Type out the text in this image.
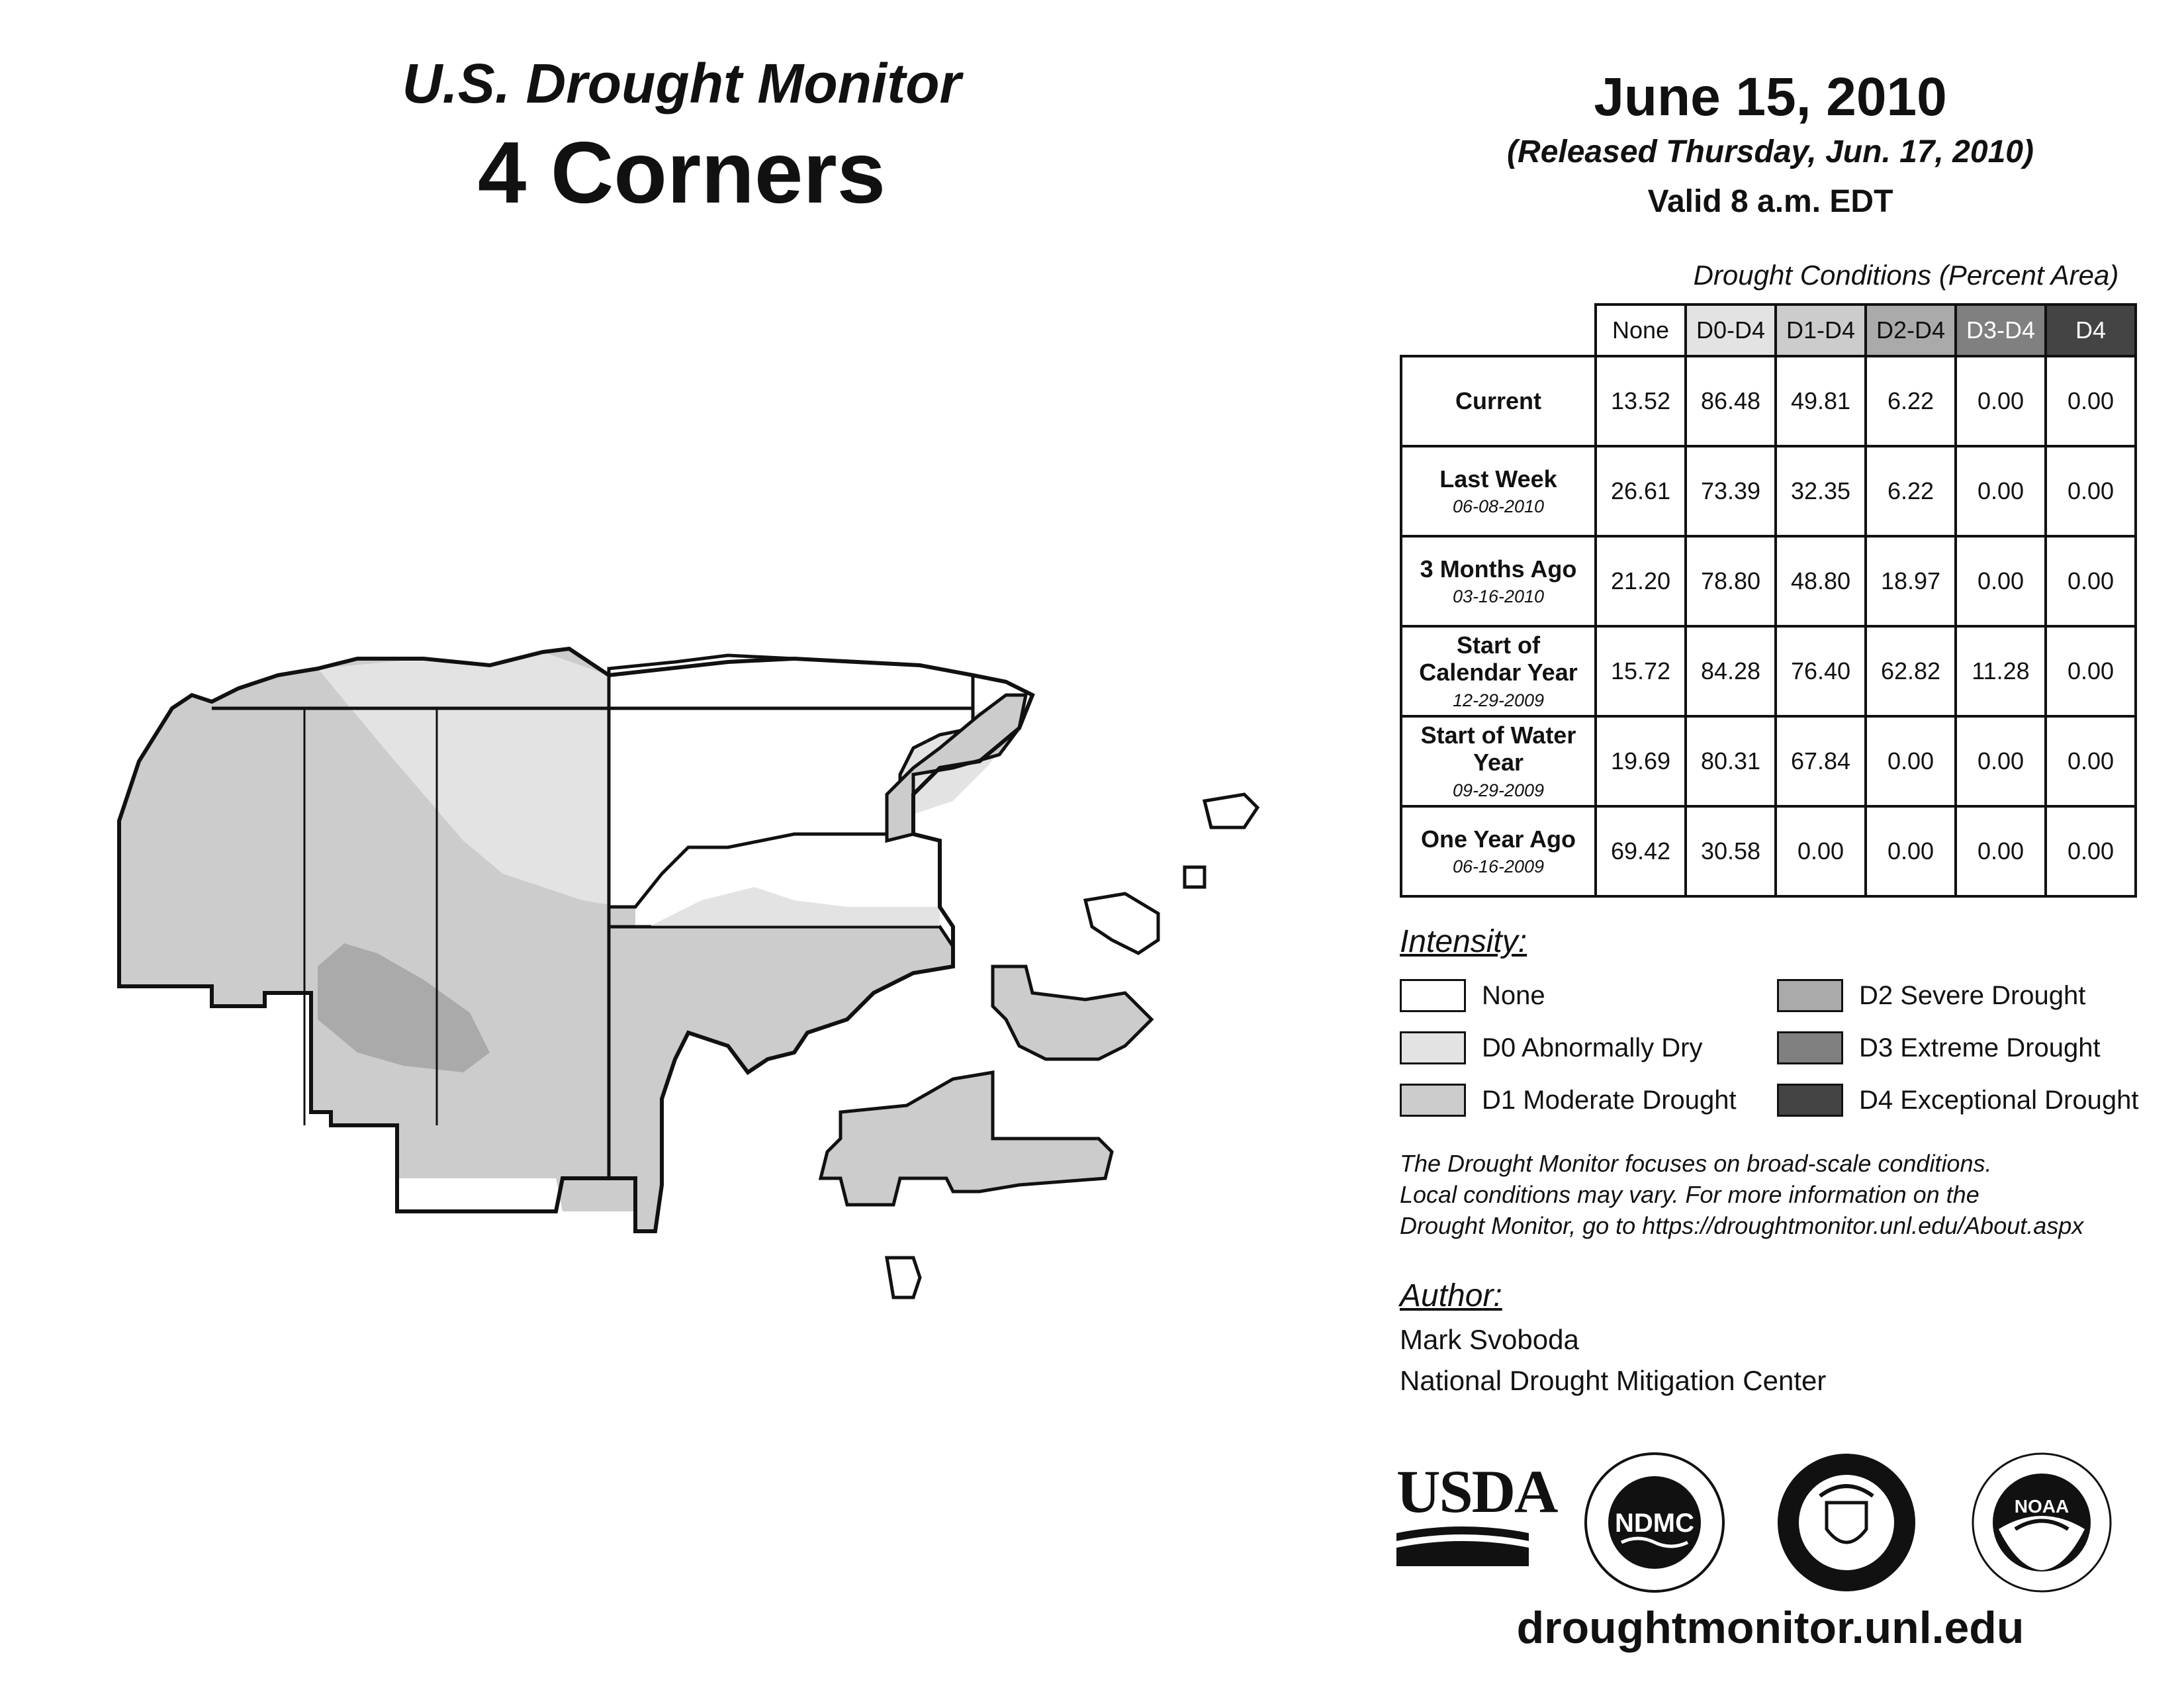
U.S. Drought Monitor
4 Corners
June 15, 2010
(Released Thursday, Jun. 17, 2010)
Valid 8 a.m. EDT
Drought Conditions (Percent Area)
	None	D0-D4	D1-D4	D2-D4	D3-D4	D4
Current	13.52	86.48	49.81	6.22	0.00	0.00
Last Week
06-08-2010	26.61	73.39	32.35	6.22	0.00	0.00
3 Months Ago
03-16-2010	21.20	78.80	48.80	18.97	0.00	0.00
Start of Calendar Year
12-29-2009	15.72	84.28	76.40	62.82	11.28	0.00
Start of Water Year
09-29-2009	19.69	80.31	67.84	0.00	0.00	0.00
One Year Ago
06-16-2009	69.42	30.58	0.00	0.00	0.00	0.00
Intensity:
None
D0 Abnormally Dry
D1 Moderate Drought
D2 Severe Drought
D3 Extreme Drought
D4 Exceptional Drought
The Drought Monitor focuses on broad-scale conditions.
Local conditions may vary. For more information on the
Drought Monitor, go to https://droughtmonitor.unl.edu/About.aspx
Author:
Mark Svoboda
National Drought Mitigation Center
USDA NDMC
NOAA
droughtmonitor.unl.edu
